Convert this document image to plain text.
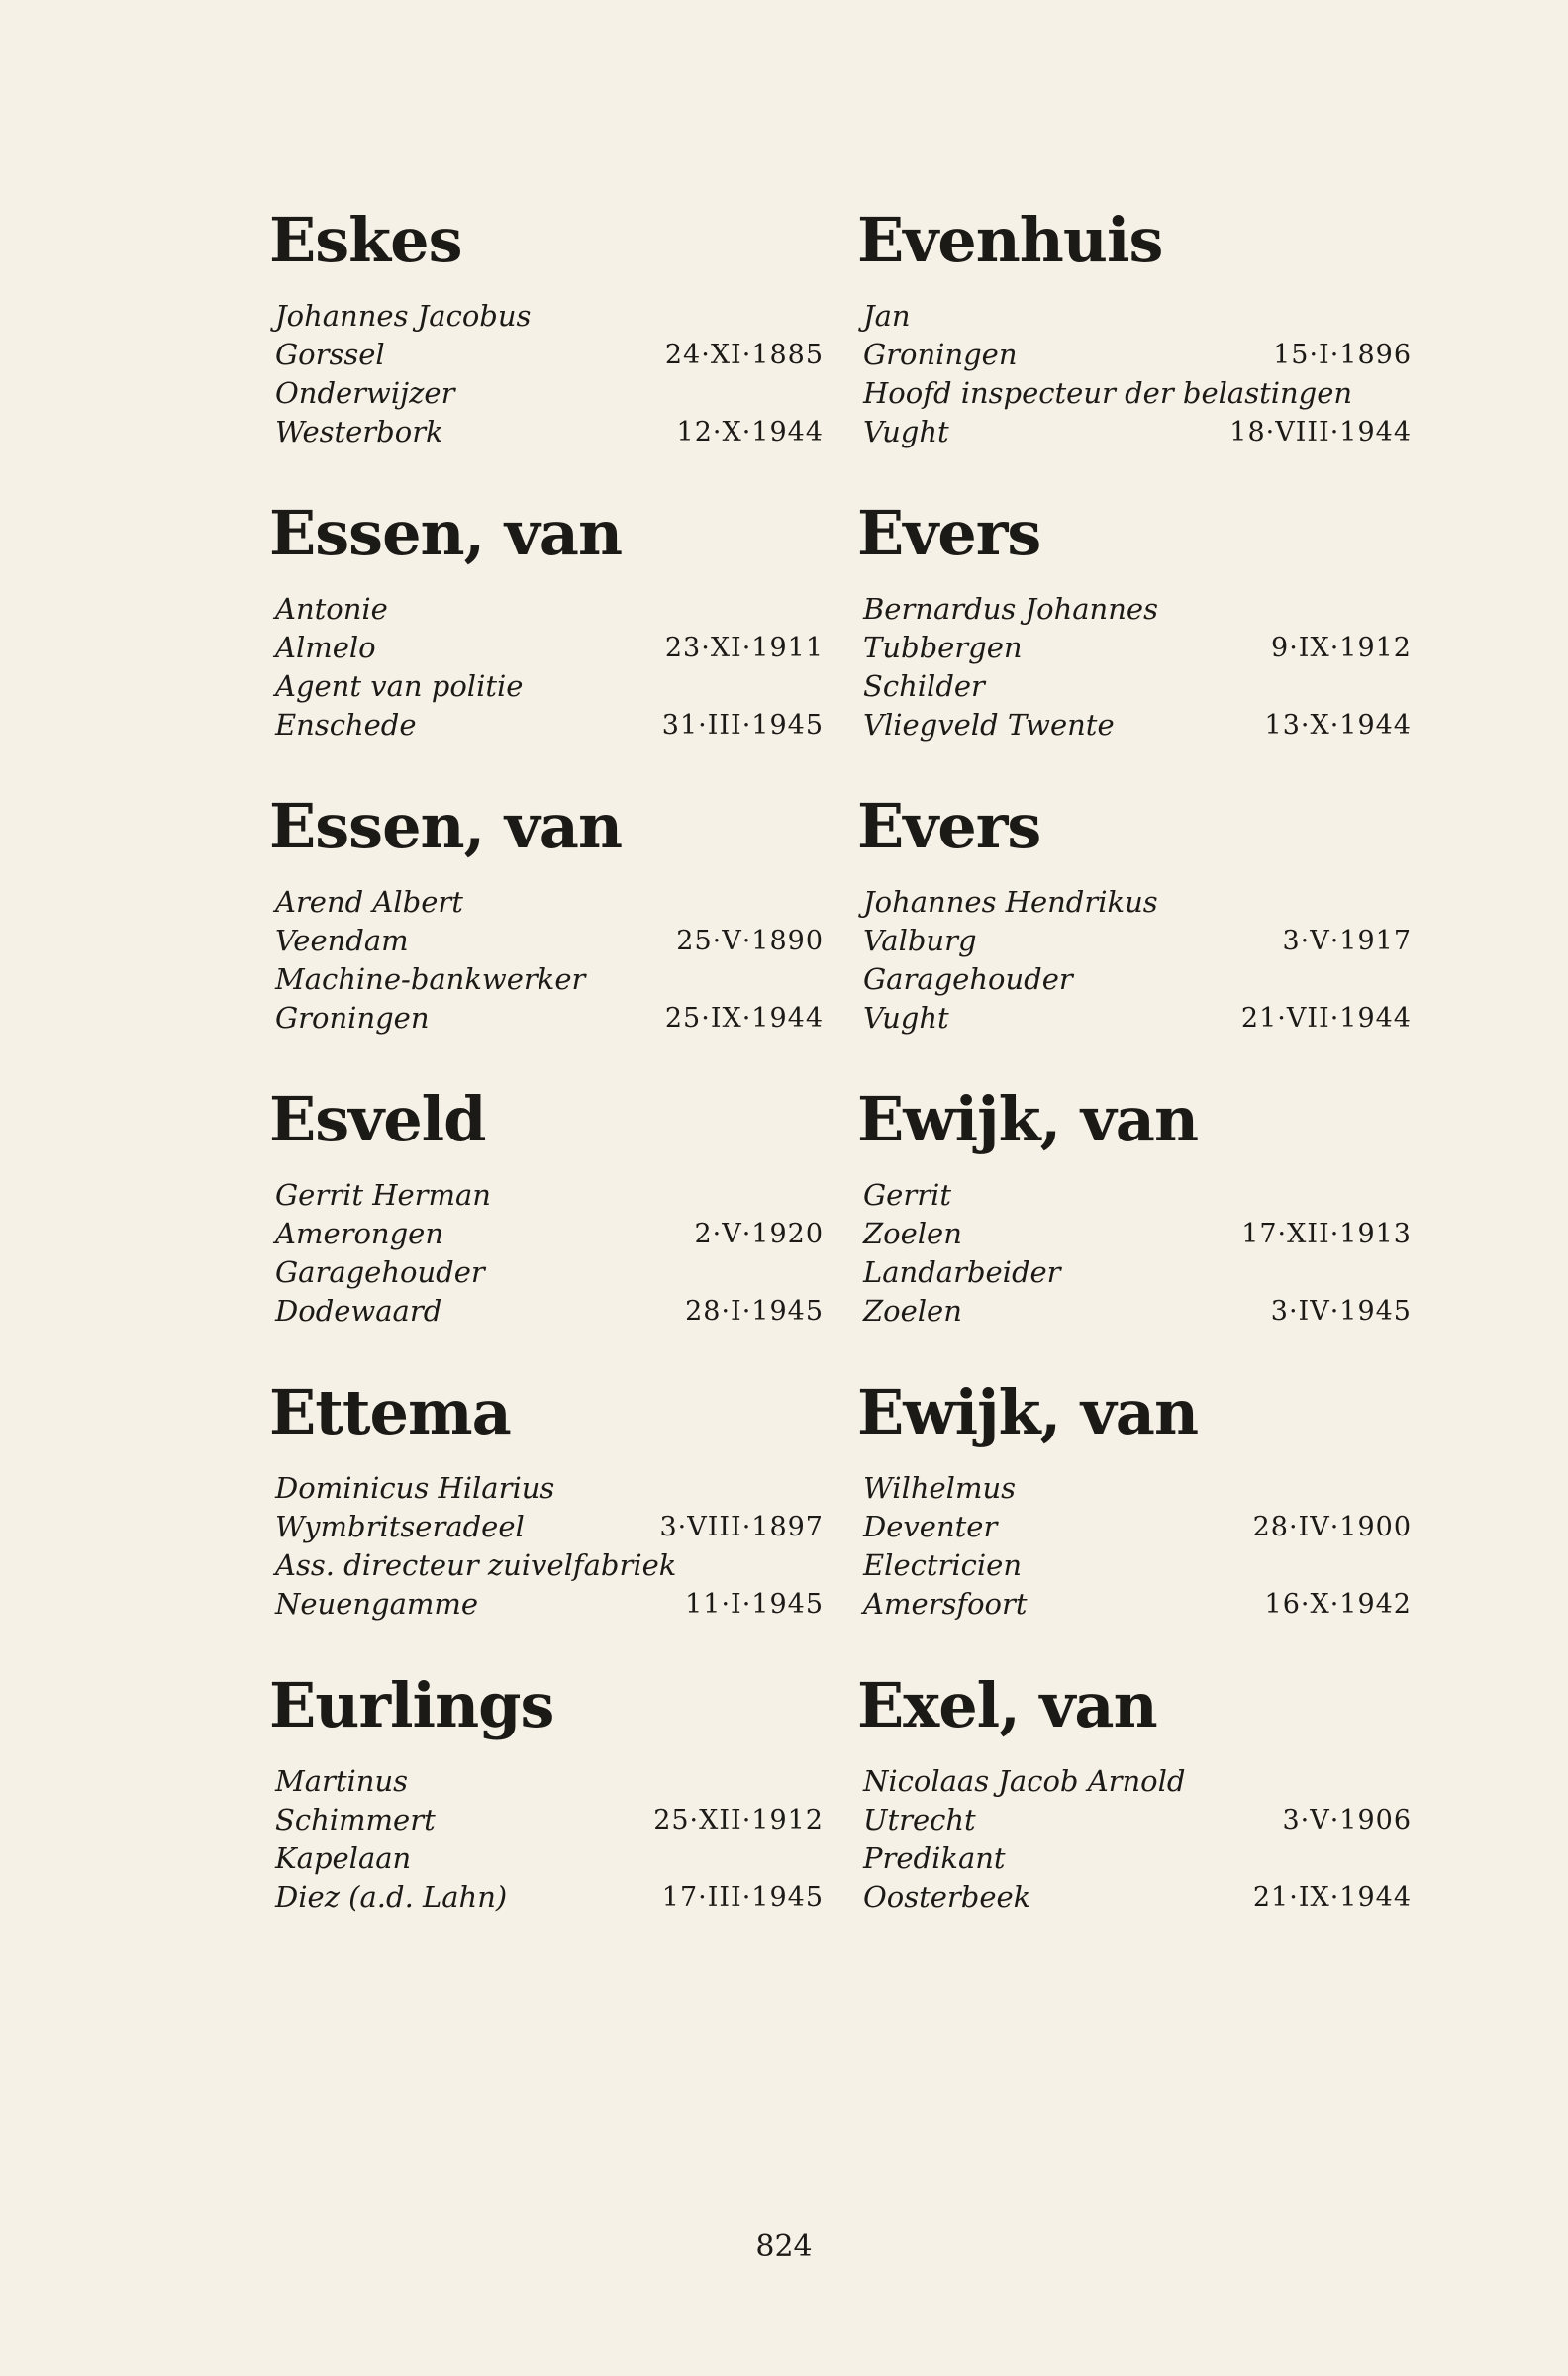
Eskes
Johannes Jacobus
Gorssel	24·XI·1885
Onderwijzer
Westerbork	12·X·1944
Essen, van
Antonie
Almelo	23·XI·1911
Agent van politie
Enschede	31·III·1945
Essen, van
Arend Albert
Veendam	25·V·1890
Machine-bankwerker
Groningen	25·IX·1944
Esveld
Gerrit Herman
Amerongen	2·V·1920
Garagehouder
Dodewaard	28·I·1945
Ettema
Dominicus Hilarius
Wymbritseradeel	3·VIII·1897
Ass. directeur zuivelfabriek
Neuengamme	11·I·1945
Eurlings
Martinus
Schimmert	25·XII·1912
Kapelaan
Diez (a.d. Lahn)	17·III·1945
Evenhuis
Jan
Groningen	15·I·1896
Hoofd inspecteur der belastingen
Vught	18·VIII·1944
Evers
Bernardus Johannes
Tubbergen	9·IX·1912
Schilder
Vliegveld Twente	13·X·1944
Evers
Johannes Hendrikus
Valburg	3·V·1917
Garagehouder
Vught	21·VII·1944
Ewijk, van
Gerrit
Zoelen	17·XII·1913
Landarbeider
Zoelen	3·IV·1945
Ewijk, van
Wilhelmus
Deventer	28·IV·1900
Electricien
Amersfoort	16·X·1942
Exel, van
Nicolaas Jacob Arnold
Utrecht	3·V·1906
Predikant
Oosterbeek	21·IX·1944
824
